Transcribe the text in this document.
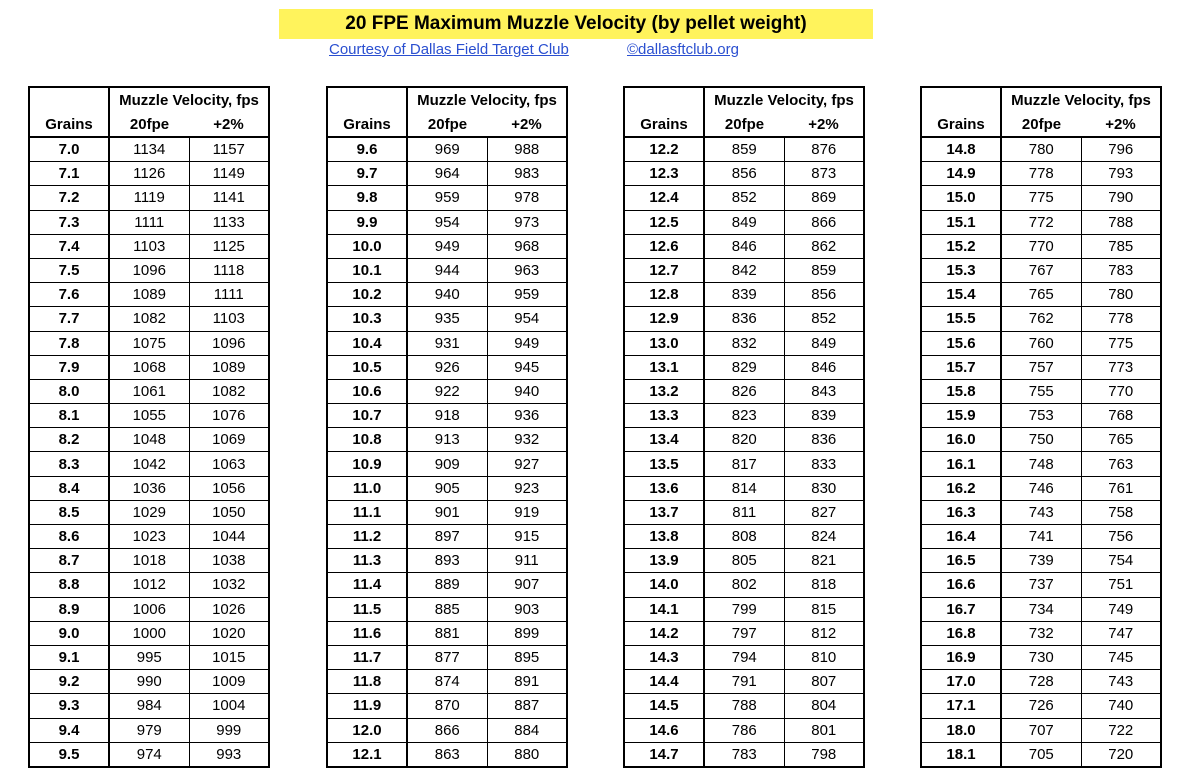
20 FPE Maximum Muzzle Velocity (by pellet weight)
Courtesy of Dallas Field Target Club	©dallasftclub.org
	Muzzle Velocity, fps	
Grains	20fpe	+2%
7.0	1134	1157
7.1	1126	1149
7.2	1119	1141
7.3	1111	1133
7.4	1103	1125
7.5	1096	1118
7.6	1089	1111
7.7	1082	1103
7.8	1075	1096
7.9	1068	1089
8.0	1061	1082
8.1	1055	1076
8.2	1048	1069
8.3	1042	1063
8.4	1036	1056
8.5	1029	1050
8.6	1023	1044
8.7	1018	1038
8.8	1012	1032
8.9	1006	1026
9.0	1000	1020
9.1	995	1015
9.2	990	1009
9.3	984	1004
9.4	979	999
9.5	974	993
	Muzzle Velocity, fps	
Grains	20fpe	+2%
9.6	969	988
9.7	964	983
9.8	959	978
9.9	954	973
10.0	949	968
10.1	944	963
10.2	940	959
10.3	935	954
10.4	931	949
10.5	926	945
10.6	922	940
10.7	918	936
10.8	913	932
10.9	909	927
11.0	905	923
11.1	901	919
11.2	897	915
11.3	893	911
11.4	889	907
11.5	885	903
11.6	881	899
11.7	877	895
11.8	874	891
11.9	870	887
12.0	866	884
12.1	863	880
	Muzzle Velocity, fps	
Grains	20fpe	+2%
12.2	859	876
12.3	856	873
12.4	852	869
12.5	849	866
12.6	846	862
12.7	842	859
12.8	839	856
12.9	836	852
13.0	832	849
13.1	829	846
13.2	826	843
13.3	823	839
13.4	820	836
13.5	817	833
13.6	814	830
13.7	811	827
13.8	808	824
13.9	805	821
14.0	802	818
14.1	799	815
14.2	797	812
14.3	794	810
14.4	791	807
14.5	788	804
14.6	786	801
14.7	783	798
	Muzzle Velocity, fps	
Grains	20fpe	+2%
14.8	780	796
14.9	778	793
15.0	775	790
15.1	772	788
15.2	770	785
15.3	767	783
15.4	765	780
15.5	762	778
15.6	760	775
15.7	757	773
15.8	755	770
15.9	753	768
16.0	750	765
16.1	748	763
16.2	746	761
16.3	743	758
16.4	741	756
16.5	739	754
16.6	737	751
16.7	734	749
16.8	732	747
16.9	730	745
17.0	728	743
17.1	726	740
18.0	707	722
18.1	705	720
